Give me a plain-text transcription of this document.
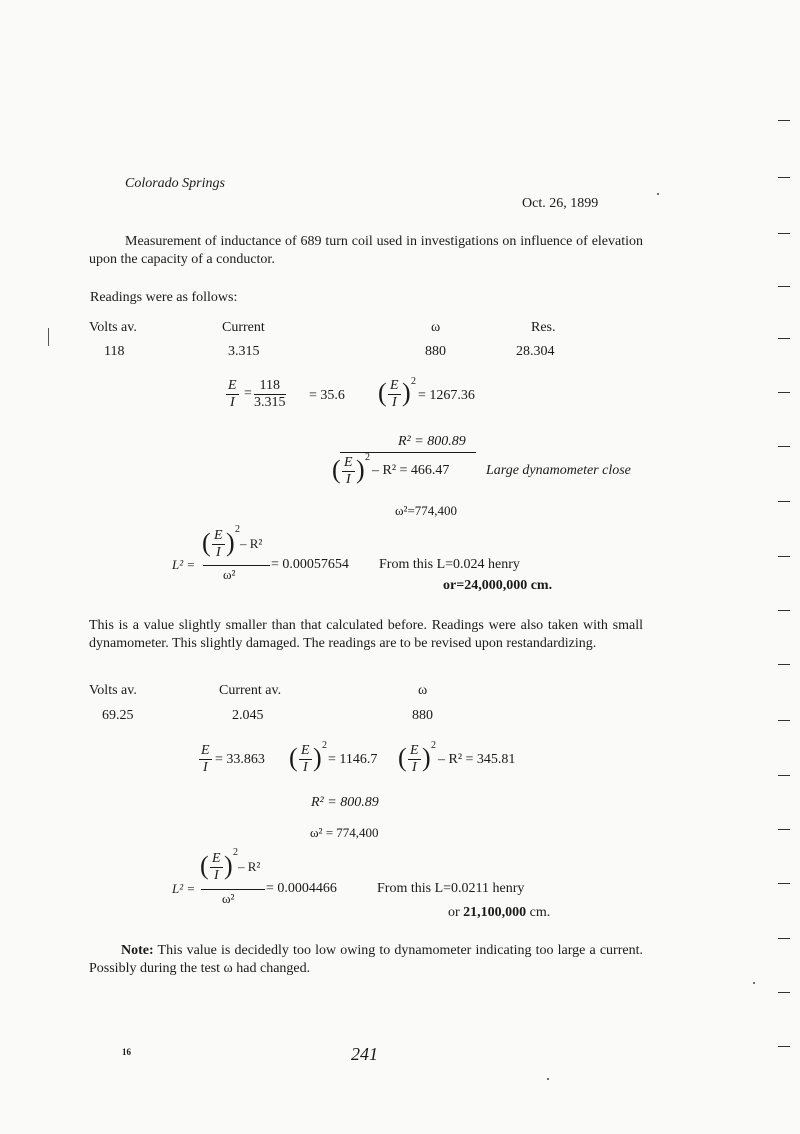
Colorado Springs
Oct. 26, 1899
Measurement of inductance of 689 turn coil used in investigations on influence of elevation upon the capacity of a conductor.
Readings were as follows:
Volts av.	Current	ω	Res.
118	3.315	880	28.304
$\frac{E}{I} = \frac{118}{3.315} = 35.6$ ( $\frac{E}{I}$ ) 2
= 1267.36
R² = 800.89
( $\frac{E}{I}$ ) 2
– R² = 466.47	Large dynamometer close
ω²=774,400
( $\frac{E}{I}$ ) 2
– R²
L² =
ω²
= 0.00057654 From this L=0.024 henry
or=24,000,000 cm.
This is a value slightly smaller than that calculated before. Readings were also taken with small dynamometer. This slightly damaged. The readings are to be revised upon restandardizing.
Volts av.	Current av.	ω
69.25	2.045	880
$\frac{E}{I} = 33.863$ ( $\frac{E}{I}$ ) 2
= 1146.7 ( $\frac{E}{I}$ ) 2
– R² = 345.81
R² = 800.89
ω² = 774,400
( $\frac{E}{I}$ ) 2
– R²
L² =
ω²
= 0.0004466	From this L=0.0211 henry
or 21,100,000 cm.
Note: This value is decidedly too low owing to dynamometer indicating too large a current. Possibly during the test ω had changed.
16	241
